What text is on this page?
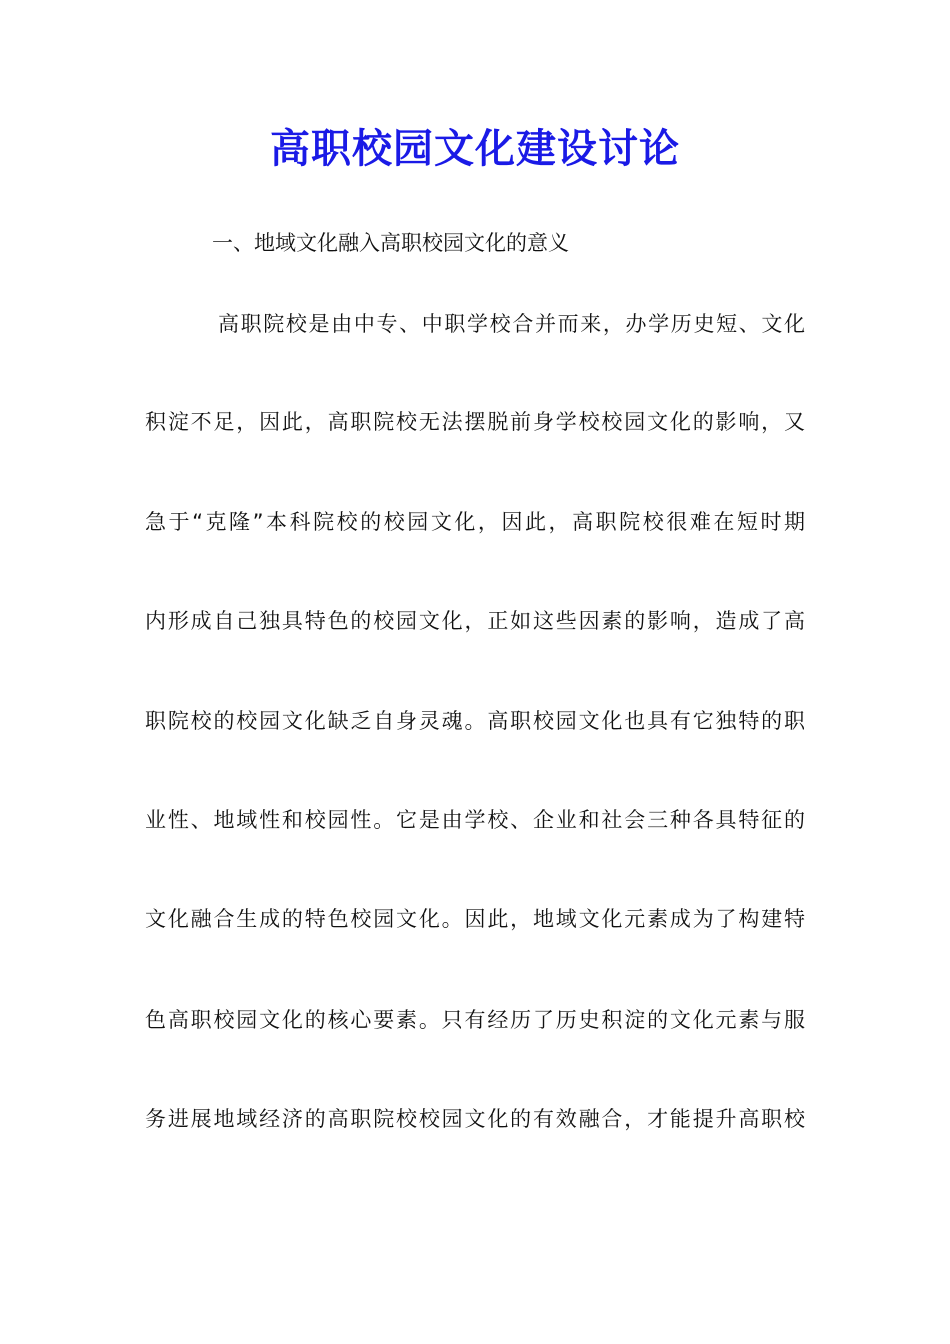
高职校园文化建设讨论
一、地域文化融入高职校园文化的意义
高职院校是由中专、中职学校合并而来，办学历史短、文化
积淀不足，因此，高职院校无法摆脱前身学校校园文化的影响，又
急于“克隆”本科院校的校园文化，因此，高职院校很难在短时期
内形成自己独具特色的校园文化，正如这些因素的影响，造成了高
职院校的校园文化缺乏自身灵魂。高职校园文化也具有它独特的职
业性、地域性和校园性。它是由学校、企业和社会三种各具特征的
文化融合生成的特色校园文化。因此，地域文化元素成为了构建特
色高职校园文化的核心要素。只有经历了历史积淀的文化元素与服
务进展地域经济的高职院校校园文化的有效融合，才能提升高职校
